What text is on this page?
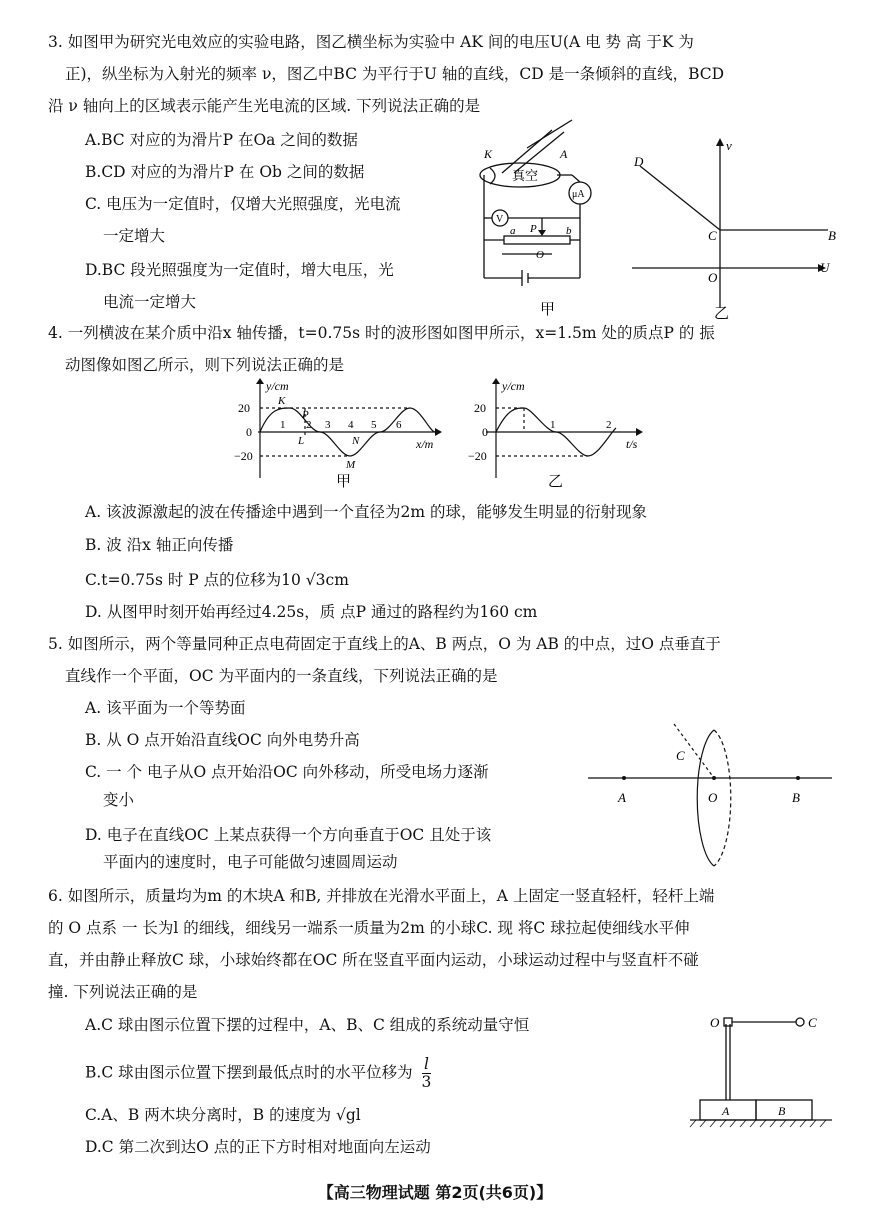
3. 如图甲为研究光电效应的实验电路，图乙横坐标为实验中 AK 间的电压U(A 电 势 高 于K 为
正)，纵坐标为入射光的频率 ν，图乙中BC 为平行于U 轴的直线，CD 是一条倾斜的直线，BCD
沿 ν 轴向上的区域表示能产生光电流的区域. 下列说法正确的是
A.BC 对应的为滑片P 在Oa 之间的数据
B.CD 对应的为滑片P 在 Ob 之间的数据
C. 电压为一定值时，仅增大光照强度，光电流
一定增大
D.BC 段光照强度为一定值时，增大电压，光
电流一定增大
K	A
真空
μA
V
P
a	b
O
甲
D
C	B
O
U
ν
乙
4. 一列横波在某介质中沿x 轴传播，t=0.75s 时的波形图如图甲所示，x=1.5m 处的质点P 的 振
动图像如图乙所示，则下列说法正确的是
y/cm
x/m
20
0
−20
1 2 3 4 5 6
K
P
L
M
N
甲
y/cm
t/s
20
0
−20
1	2
乙
A. 该波源激起的波在传播途中遇到一个直径为2m 的球，能够发生明显的衍射现象
B. 波 沿x 轴正向传播
C.t=0.75s 时 P 点的位移为10 √3cm
D. 从图甲时刻开始再经过4.25s，质 点P 通过的路程约为160 cm
5. 如图所示，两个等量同种正点电荷固定于直线上的A、B 两点，O 为 AB 的中点，过O 点垂直于
直线作一个平面，OC 为平面内的一条直线，下列说法正确的是
A. 该平面为一个等势面
B. 从 O 点开始沿直线OC 向外电势升高
C. 一 个 电子从O 点开始沿OC 向外移动，所受电场力逐渐
变小
D. 电子在直线OC 上某点获得一个方向垂直于OC 且处于该
平面内的速度时，电子可能做匀速圆周运动
A	O	B
C
6. 如图所示，质量均为m 的木块A 和B, 并排放在光滑水平面上，A 上固定一竖直轻杆，轻杆上端
的 O 点系 一 长为l 的细线，细线另一端系一质量为2m 的小球C. 现 将C 球拉起使细线水平伸
直，并由静止释放C 球，小球始终都在OC 所在竖直平面内运动，小球运动过程中与竖直杆不碰
撞. 下列说法正确的是
A.C 球由图示位置下摆的过程中，A、B、C 组成的系统动量守恒
B.C 球由图示位置下摆到最低点时的水平位移为 $\frac{l}{3}$
C.A、B 两木块分离时，B 的速度为 √gl
D.C 第二次到达O 点的正下方时相对地面向左运动
O	C
A	B
【高三物理试题 第2页(共6页)】
